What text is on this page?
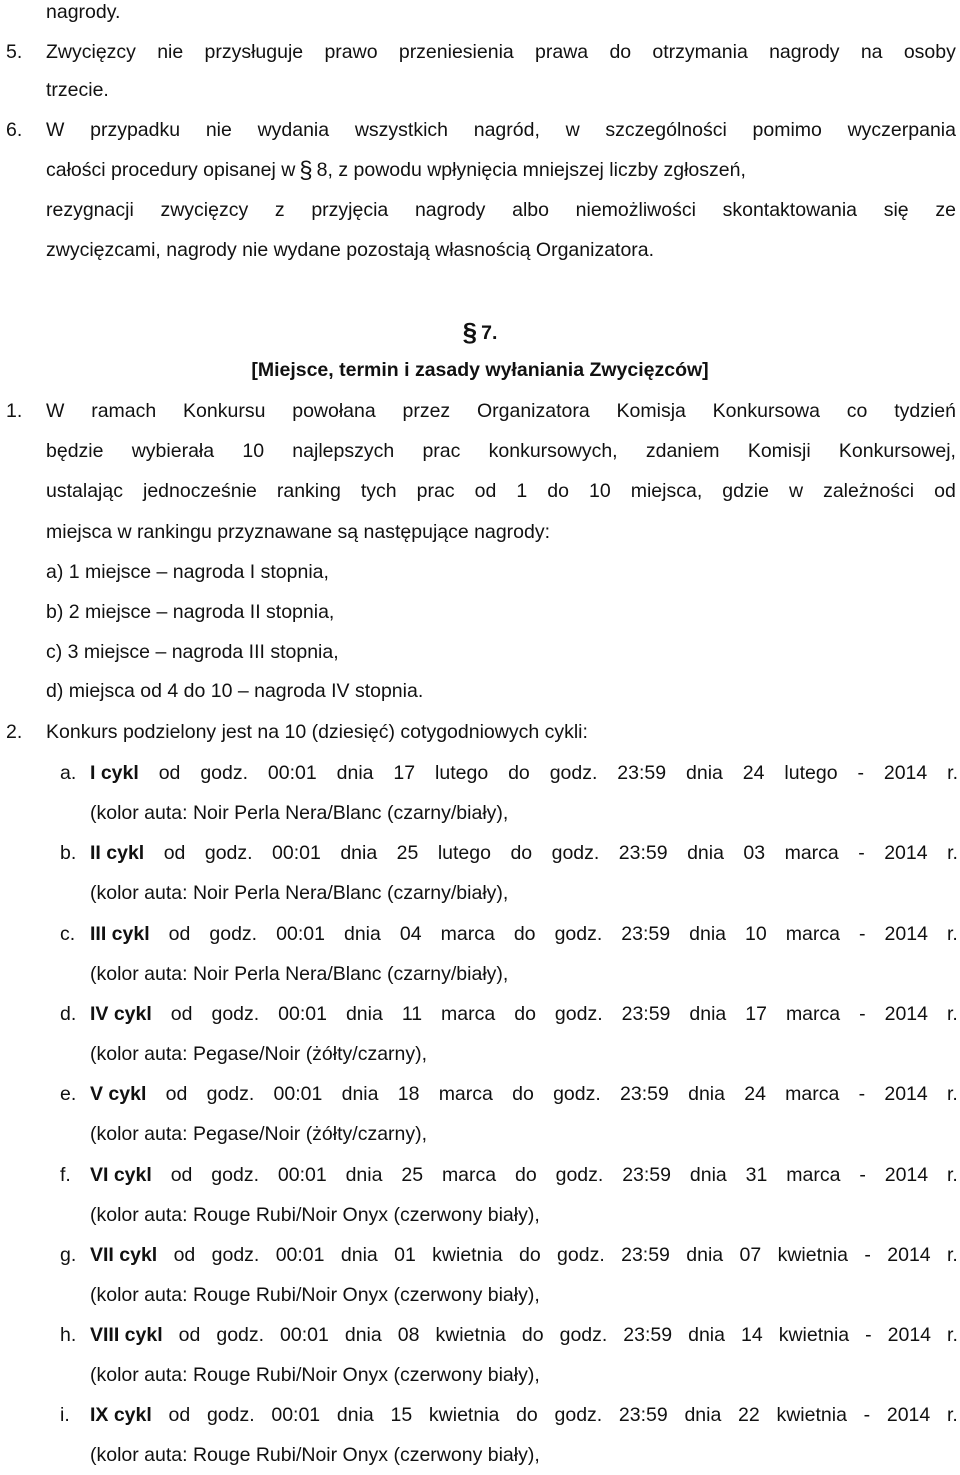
nagrody.
5. Zwycięzcy nie przysługuje prawo przeniesienia prawa do otrzymania nagrody na osoby
trzecie.
6. W przypadku nie wydania wszystkich nagród, w szczególności pomimo wyczerpania
całości procedury opisanej w § 8, z powodu wpłynięcia mniejszej liczby zgłoszeń,
rezygnacji zwycięzcy z przyjęcia nagrody albo niemożliwości skontaktowania się ze
zwycięzcami, nagrody nie wydane pozostają własnością Organizatora.
§ 7.
[Miejsce, termin i zasady wyłaniania Zwycięzców]
1. W ramach Konkursu powołana przez Organizatora Komisja Konkursowa co tydzień
będzie wybierała 10 najlepszych prac konkursowych, zdaniem Komisji Konkursowej,
ustalając jednocześnie ranking tych prac od 1 do 10 miejsca, gdzie w zależności od
miejsca w rankingu przyznawane są następujące nagrody:
a) 1 miejsce – nagroda I stopnia,
b) 2 miejsce – nagroda II stopnia,
c) 3 miejsce – nagroda III stopnia,
d) miejsca od 4 do 10 – nagroda IV stopnia.
2. Konkurs podzielony jest na 10 (dziesięć) cotygodniowych cykli:
a. I cykl od godz. 00:01 dnia 17 lutego do godz. 23:59 dnia 24 lutego - 2014 r.
(kolor auta: Noir Perla Nera/Blanc (czarny/biały),
b. II cykl od godz. 00:01 dnia 25 lutego do godz. 23:59 dnia 03 marca - 2014 r.
(kolor auta: Noir Perla Nera/Blanc (czarny/biały),
c. III cykl od godz. 00:01 dnia 04 marca do godz. 23:59 dnia 10 marca - 2014 r.
(kolor auta: Noir Perla Nera/Blanc (czarny/biały),
d. IV cykl od godz. 00:01 dnia 11 marca do godz. 23:59 dnia 17 marca - 2014 r.
(kolor auta: Pegase/Noir (żółty/czarny),
e. V cykl od godz. 00:01 dnia 18 marca do godz. 23:59 dnia 24 marca - 2014 r.
(kolor auta: Pegase/Noir (żółty/czarny),
f. VI cykl od godz. 00:01 dnia 25 marca do godz. 23:59 dnia 31 marca - 2014 r.
(kolor auta: Rouge Rubi/Noir Onyx (czerwony biały),
g. VII cykl od godz. 00:01 dnia 01 kwietnia do godz. 23:59 dnia 07 kwietnia - 2014 r.
(kolor auta: Rouge Rubi/Noir Onyx (czerwony biały),
h. VIII cykl od godz. 00:01 dnia 08 kwietnia do godz. 23:59 dnia 14 kwietnia - 2014 r.
(kolor auta: Rouge Rubi/Noir Onyx (czerwony biały),
i. IX cykl od godz. 00:01 dnia 15 kwietnia do godz. 23:59 dnia 22 kwietnia - 2014 r.
(kolor auta: Rouge Rubi/Noir Onyx (czerwony biały),
